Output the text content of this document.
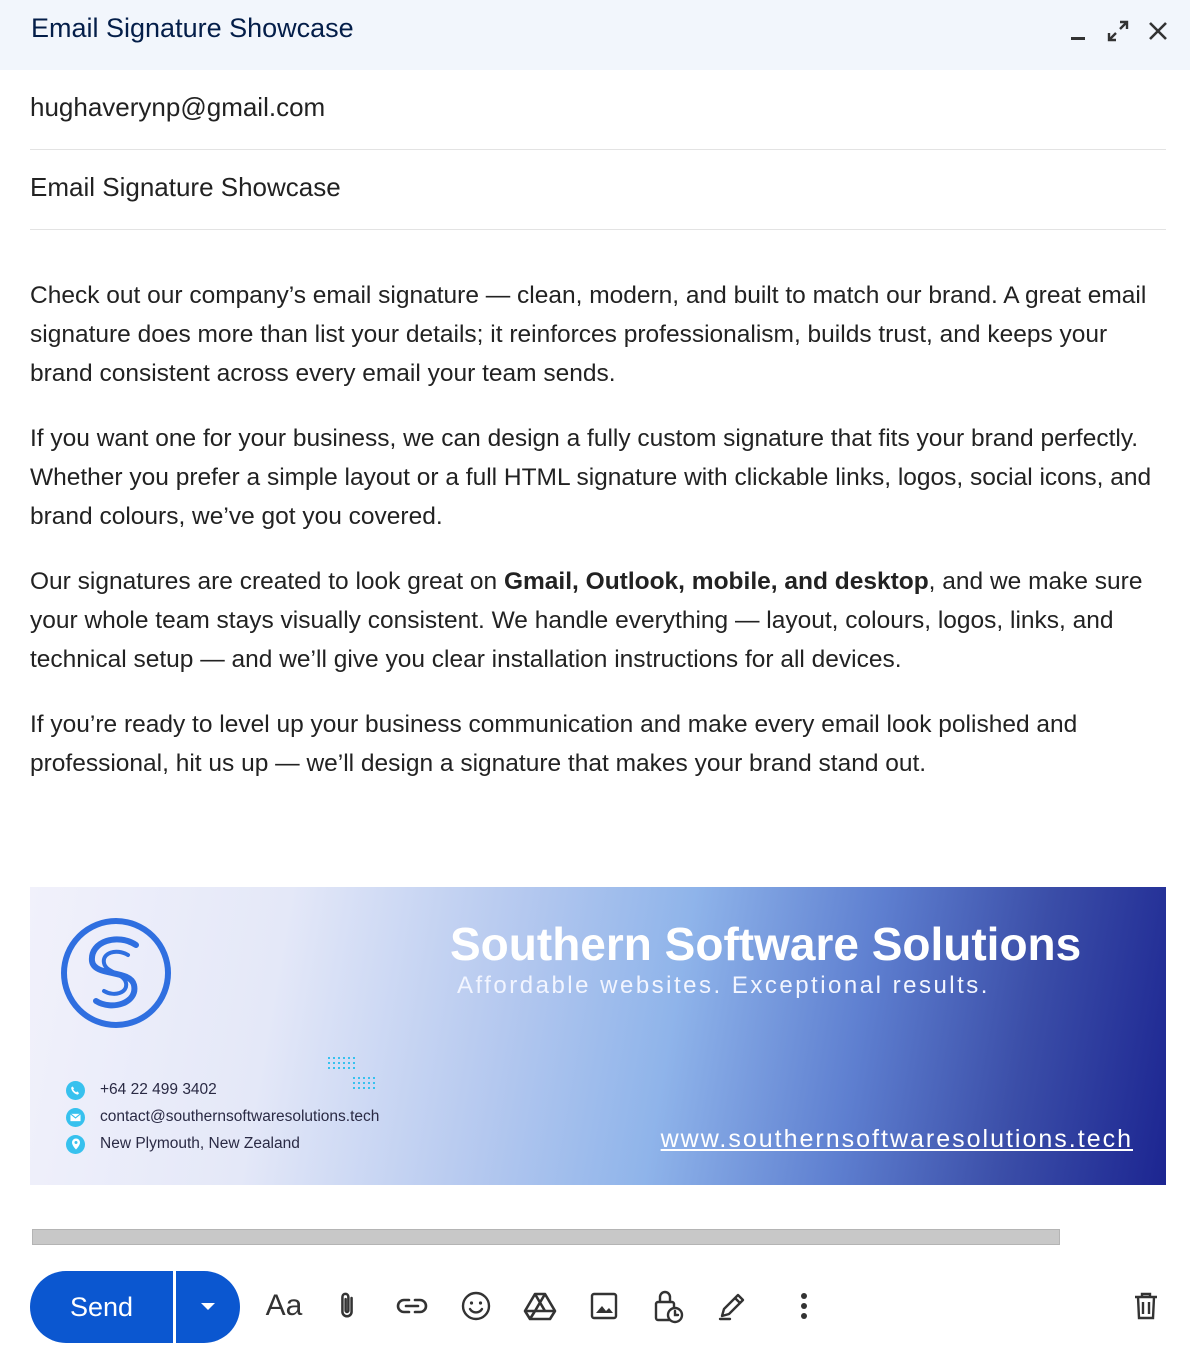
Email Signature Showcase
hughaverynp@gmail.com
Email Signature Showcase

Check out our company’s email signature — clean, modern, and built to match our brand. A great email signature does more than list your details; it reinforces professionalism, builds trust, and keeps your brand consistent across every email your team sends.

If you want one for your business, we can design a fully custom signature that fits your brand perfectly. Whether you prefer a simple layout or a full HTML signature with clickable links, logos, social icons, and brand colours, we’ve got you covered.

Our signatures are created to look great on Gmail, Outlook, mobile, and desktop, and we make sure your whole team stays visually consistent. We handle everything — layout, colours, logos, links, and technical setup — and we’ll give you clear installation instructions for all devices.

If you’re ready to level up your business communication and make every email look polished and professional, hit us up — we’ll design a signature that makes your brand stand out.

Southern Software Solutions
Affordable websites. Exceptional results.
+64 22 499 3402
contact@southernsoftwaresolutions.tech
New Plymouth, New Zealand	www.southernsoftwaresolutions.tech
Send	Aa
